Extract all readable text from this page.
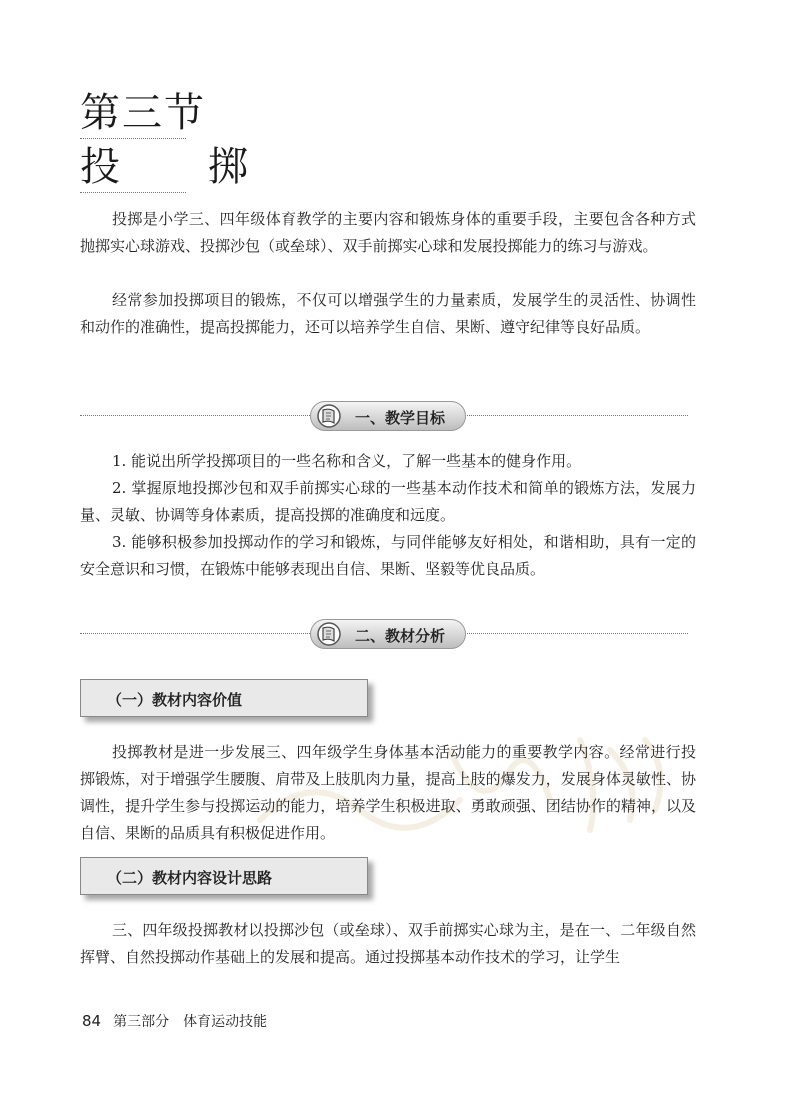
第三节
投　掷

投掷是小学三、四年级体育教学的主要内容和锻炼身体的重要手段，主要包含各种方式抛掷实心球游戏、投掷沙包（或垒球）、双手前掷实心球和发展投掷能力的练习与游戏。

经常参加投掷项目的锻炼，不仅可以增强学生的力量素质，发展学生的灵活性、协调性和动作的准确性，提高投掷能力，还可以培养学生自信、果断、遵守纪律等良好品质。

一、教学目标

1. 能说出所学投掷项目的一些名称和含义，了解一些基本的健身作用。

2. 掌握原地投掷沙包和双手前掷实心球的一些基本动作技术和简单的锻炼方法，发展力量、灵敏、协调等身体素质，提高投掷的准确度和远度。

3. 能够积极参加投掷动作的学习和锻炼，与同伴能够友好相处，和谐相助，具有一定的安全意识和习惯，在锻炼中能够表现出自信、果断、坚毅等优良品质。

二、教材分析
（一）教材内容价值

投掷教材是进一步发展三、四年级学生身体基本活动能力的重要教学内容。经常进行投掷锻炼，对于增强学生腰腹、肩带及上肢肌肉力量，提高上肢的爆发力，发展身体灵敏性、协调性，提升学生参与投掷运动的能力，培养学生积极进取、勇敢顽强、团结协作的精神，以及自信、果断的品质具有积极促进作用。

（二）教材内容设计思路

三、四年级投掷教材以投掷沙包（或垒球）、双手前掷实心球为主，是在一、二年级自然挥臂、自然投掷动作基础上的发展和提高。通过投掷基本动作技术的学习，让学生

84 第三部分　体育运动技能
